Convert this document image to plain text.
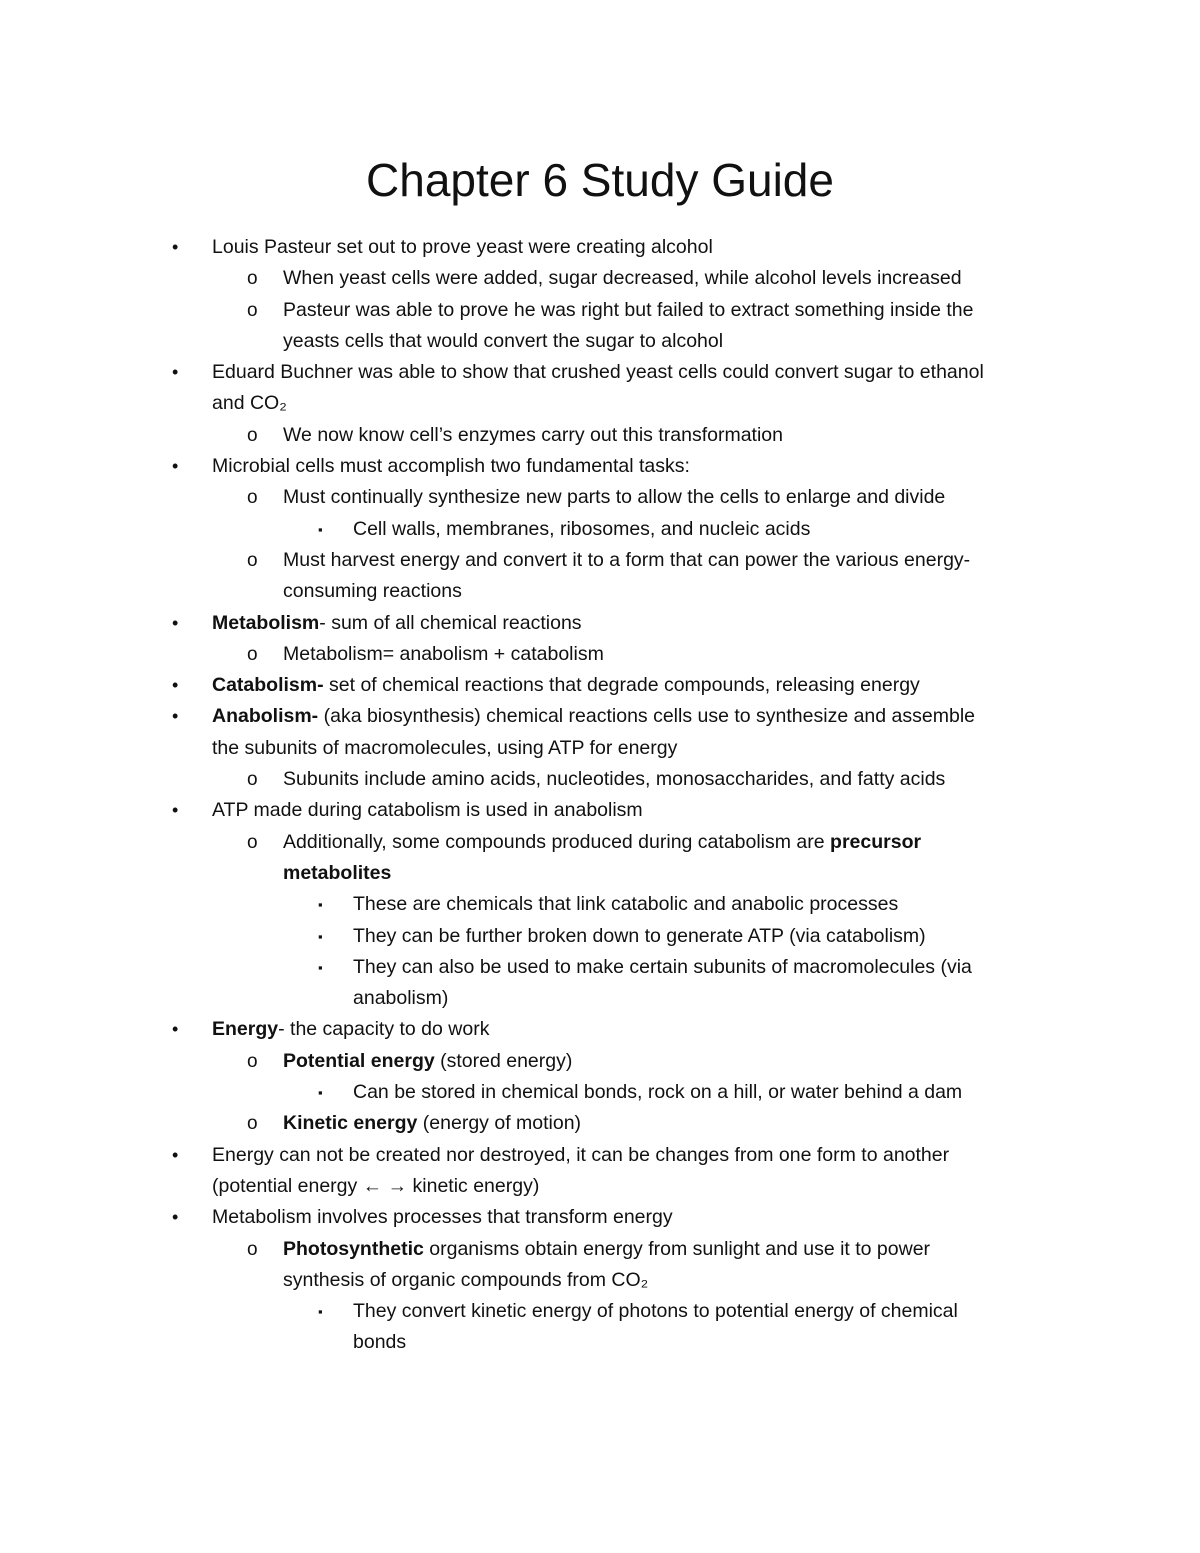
Chapter 6 Study Guide
• Louis Pasteur set out to prove yeast were creating alcohol
o When yeast cells were added, sugar decreased, while alcohol levels increased
o Pasteur was able to prove he was right but failed to extract something inside the
yeasts cells that would convert the sugar to alcohol
• Eduard Buchner was able to show that crushed yeast cells could convert sugar to ethanol
and CO₂
o We now know cell’s enzymes carry out this transformation
• Microbial cells must accomplish two fundamental tasks:
o Must continually synthesize new parts to allow the cells to enlarge and divide
▪ Cell walls, membranes, ribosomes, and nucleic acids
o Must harvest energy and convert it to a form that can power the various energy-
consuming reactions
• Metabolism- sum of all chemical reactions
o Metabolism= anabolism + catabolism
• Catabolism- set of chemical reactions that degrade compounds, releasing energy
• Anabolism- (aka biosynthesis) chemical reactions cells use to synthesize and assemble
the subunits of macromolecules, using ATP for energy
o Subunits include amino acids, nucleotides, monosaccharides, and fatty acids
• ATP made during catabolism is used in anabolism
o Additionally, some compounds produced during catabolism are precursor
metabolites
▪ These are chemicals that link catabolic and anabolic processes
▪ They can be further broken down to generate ATP (via catabolism)
▪ They can also be used to make certain subunits of macromolecules (via
anabolism)
• Energy- the capacity to do work
o Potential energy (stored energy)
▪ Can be stored in chemical bonds, rock on a hill, or water behind a dam
o Kinetic energy (energy of motion)
• Energy can not be created nor destroyed, it can be changes from one form to another
(potential energy ← → kinetic energy)
• Metabolism involves processes that transform energy
o Photosynthetic organisms obtain energy from sunlight and use it to power
synthesis of organic compounds from CO₂
▪ They convert kinetic energy of photons to potential energy of chemical
bonds
